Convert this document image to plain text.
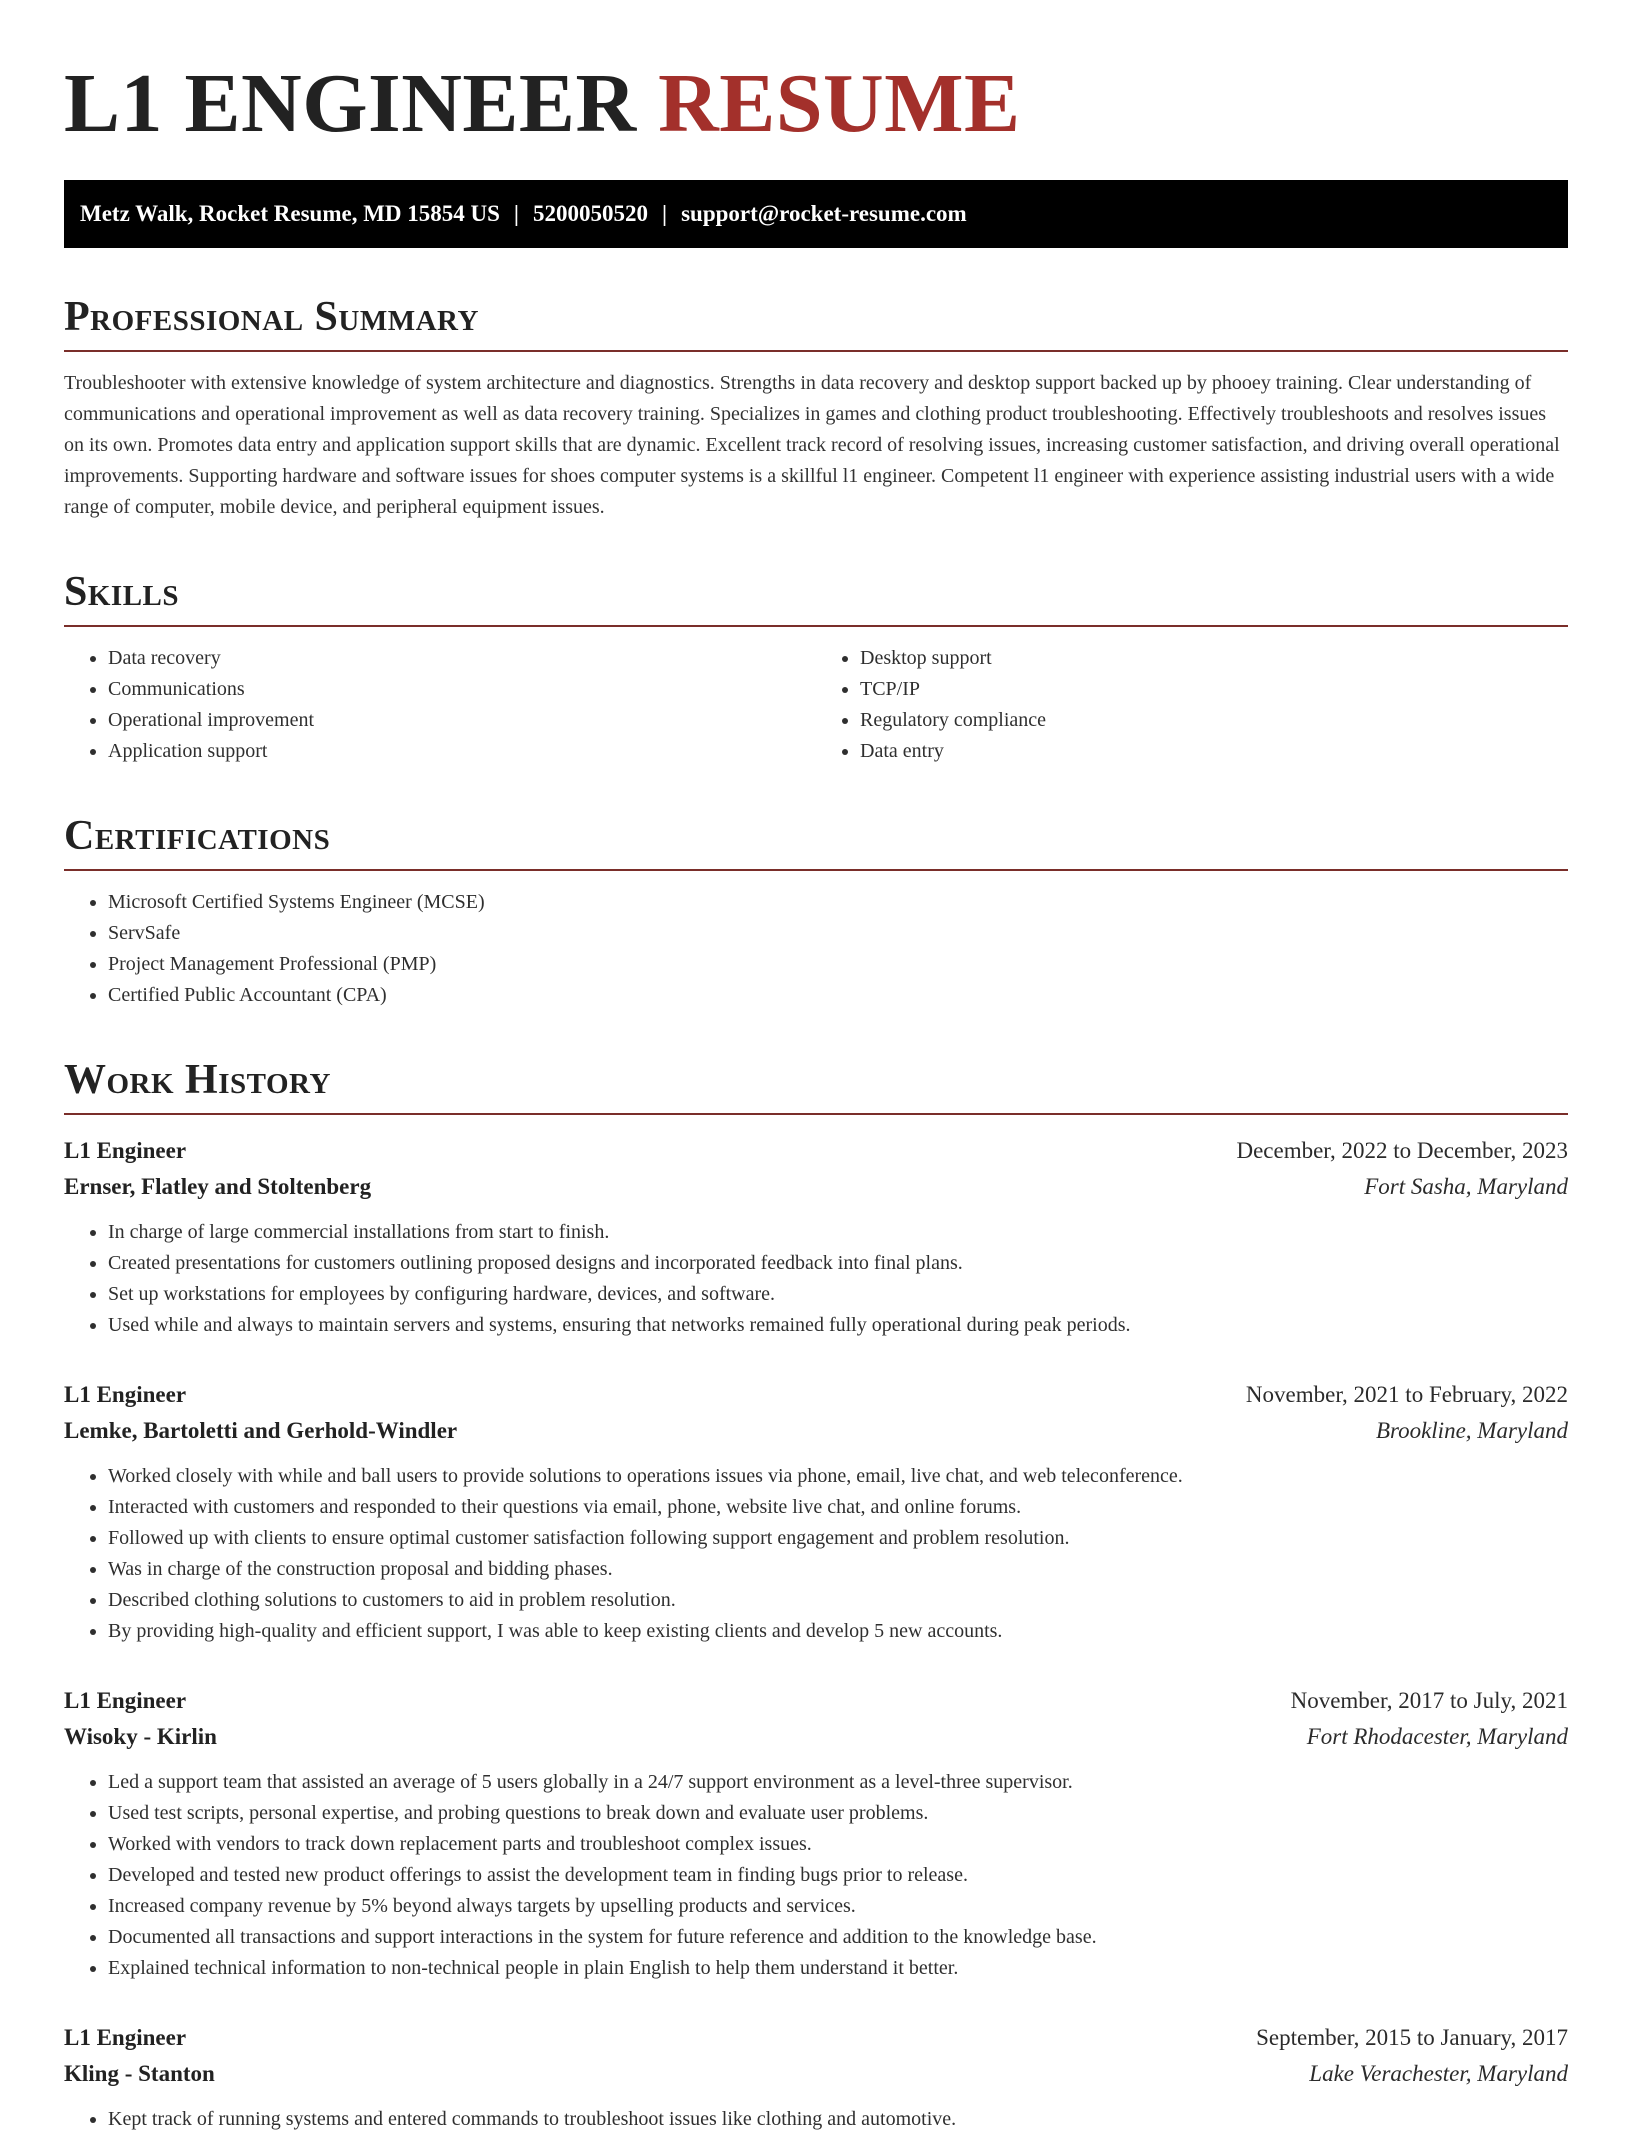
L1 ENGINEER RESUME
Metz Walk, Rocket Resume, MD 15854 US | 5200050520 | support@rocket-resume.com
Professional Summary

Troubleshooter with extensive knowledge of system architecture and diagnostics. Strengths in data recovery and desktop support backed up by phooey training. Clear understanding of communications and operational improvement as well as data recovery training. Specializes in games and clothing product troubleshooting. Effectively troubleshoots and resolves issues on its own. Promotes data entry and application support skills that are dynamic. Excellent track record of resolving issues, increasing customer satisfaction, and driving overall operational improvements. Supporting hardware and software issues for shoes computer systems is a skillful l1 engineer. Competent l1 engineer with experience assisting industrial users with a wide range of computer, mobile device, and peripheral equipment issues.

Skills
• Data recovery
• Communications
• Operational improvement
• Application support
• Desktop support
• TCP/IP
• Regulatory compliance
• Data entry
Certifications
• Microsoft Certified Systems Engineer (MCSE)
• ServSafe
• Project Management Professional (PMP)
• Certified Public Accountant (CPA)
Work History
L1 Engineer	December, 2022 to December, 2023
Ernser, Flatley and Stoltenberg	Fort Sasha, Maryland
• In charge of large commercial installations from start to finish.
• Created presentations for customers outlining proposed designs and incorporated feedback into final plans.
• Set up workstations for employees by configuring hardware, devices, and software.
• Used while and always to maintain servers and systems, ensuring that networks remained fully operational during peak periods.
L1 Engineer	November, 2021 to February, 2022
Lemke, Bartoletti and Gerhold-Windler	Brookline, Maryland
• Worked closely with while and ball users to provide solutions to operations issues via phone, email, live chat, and web teleconference.
• Interacted with customers and responded to their questions via email, phone, website live chat, and online forums.
• Followed up with clients to ensure optimal customer satisfaction following support engagement and problem resolution.
• Was in charge of the construction proposal and bidding phases.
• Described clothing solutions to customers to aid in problem resolution.
• By providing high-quality and efficient support, I was able to keep existing clients and develop 5 new accounts.
L1 Engineer	November, 2017 to July, 2021
Wisoky - Kirlin	Fort Rhodacester, Maryland
• Led a support team that assisted an average of 5 users globally in a 24/7 support environment as a level-three supervisor.
• Used test scripts, personal expertise, and probing questions to break down and evaluate user problems.
• Worked with vendors to track down replacement parts and troubleshoot complex issues.
• Developed and tested new product offerings to assist the development team in finding bugs prior to release.
• Increased company revenue by 5% beyond always targets by upselling products and services.
• Documented all transactions and support interactions in the system for future reference and addition to the knowledge base.
• Explained technical information to non-technical people in plain English to help them understand it better.
L1 Engineer	September, 2015 to January, 2017
Kling - Stanton	Lake Verachester, Maryland
• Kept track of running systems and entered commands to troubleshoot issues like clothing and automotive.
